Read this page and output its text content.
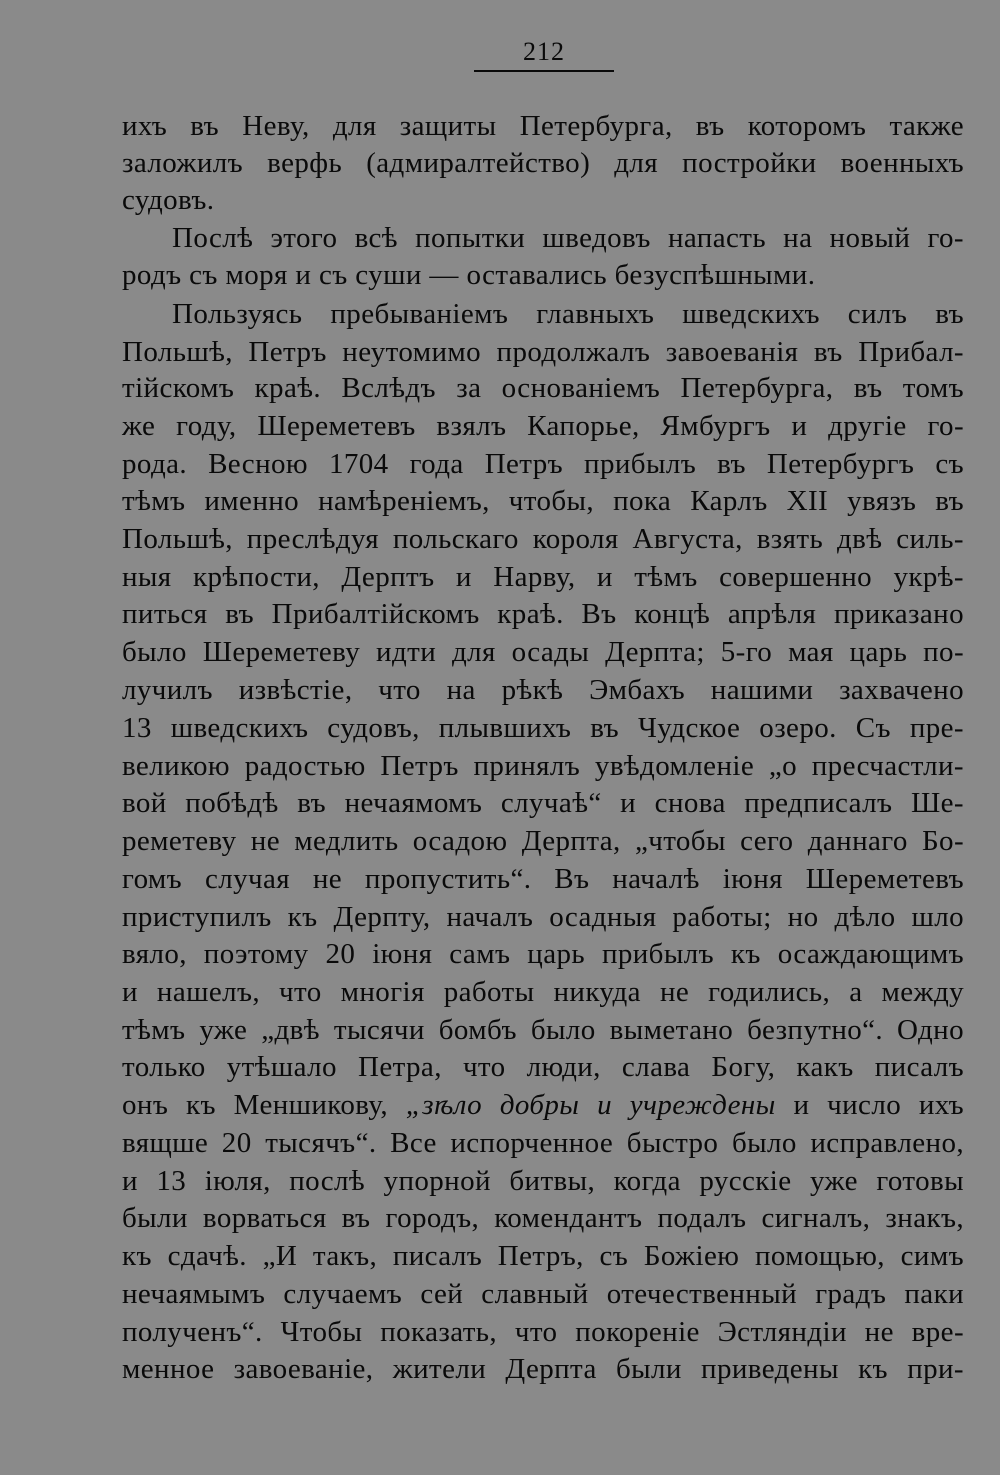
212
ихъ въ Неву, для защиты Петербурга, въ которомъ также
заложилъ верфь (адмиралтейство) для постройки военныхъ
судовъ.
Послѣ этого всѣ попытки шведовъ напасть на новый го-
родъ съ моря и съ суши — оставались безуспѣшными.
Пользуясь пребываніемъ главныхъ шведскихъ силъ въ
Польшѣ, Петръ неутомимо продолжалъ завоеванія въ Прибал-
тійскомъ краѣ. Вслѣдъ за основаніемъ Петербурга, въ томъ
же году, Шереметевъ взялъ Капорье, Ямбургъ и другіе го-
рода. Весною 1704 года Петръ прибылъ въ Петербургъ съ
тѣмъ именно намѣреніемъ, чтобы, пока Карлъ XII увязъ въ
Польшѣ, преслѣдуя польскаго короля Августа, взять двѣ силь-
ныя крѣпости, Дерптъ и Нарву, и тѣмъ совершенно укрѣ-
питься въ Прибалтійскомъ краѣ. Въ концѣ апрѣля приказано
было Шереметеву идти для осады Дерпта; 5-го мая царь по-
лучилъ извѣстіе, что на рѣкѣ Эмбахъ нашими захвачено
13 шведскихъ судовъ, плывшихъ въ Чудское озеро. Съ пре-
великою радостью Петръ принялъ увѣдомленіе „о пресчастли-
вой побѣдѣ въ нечаямомъ случаѣ“ и снова предписалъ Ше-
реметеву не медлить осадою Дерпта, „чтобы сего даннаго Бо-
гомъ случая не пропустить“. Въ началѣ іюня Шереметевъ
приступилъ къ Дерпту, началъ осадныя работы; но дѣло шло
вяло, поэтому 20 іюня самъ царь прибылъ къ осаждающимъ
и нашелъ, что многія работы никуда не годились, а между
тѣмъ уже „двѣ тысячи бомбъ было выметано безпутно“. Одно
только утѣшало Петра, что люди, слава Богу, какъ писалъ
онъ къ Меншикову, „зѣло добры и учреждены и число ихъ
вящше 20 тысячъ“. Все испорченное быстро было исправлено,
и 13 іюля, послѣ упорной битвы, когда русскіе уже готовы
были ворваться въ городъ, комендантъ подалъ сигналъ, знакъ,
къ сдачѣ. „И такъ, писалъ Петръ, съ Божіею помощью, симъ
нечаямымъ случаемъ сей славный отечественный градъ паки
полученъ“. Чтобы показать, что покореніе Эстляндіи не вре-
менное завоеваніе, жители Дерпта были приведены къ при-
